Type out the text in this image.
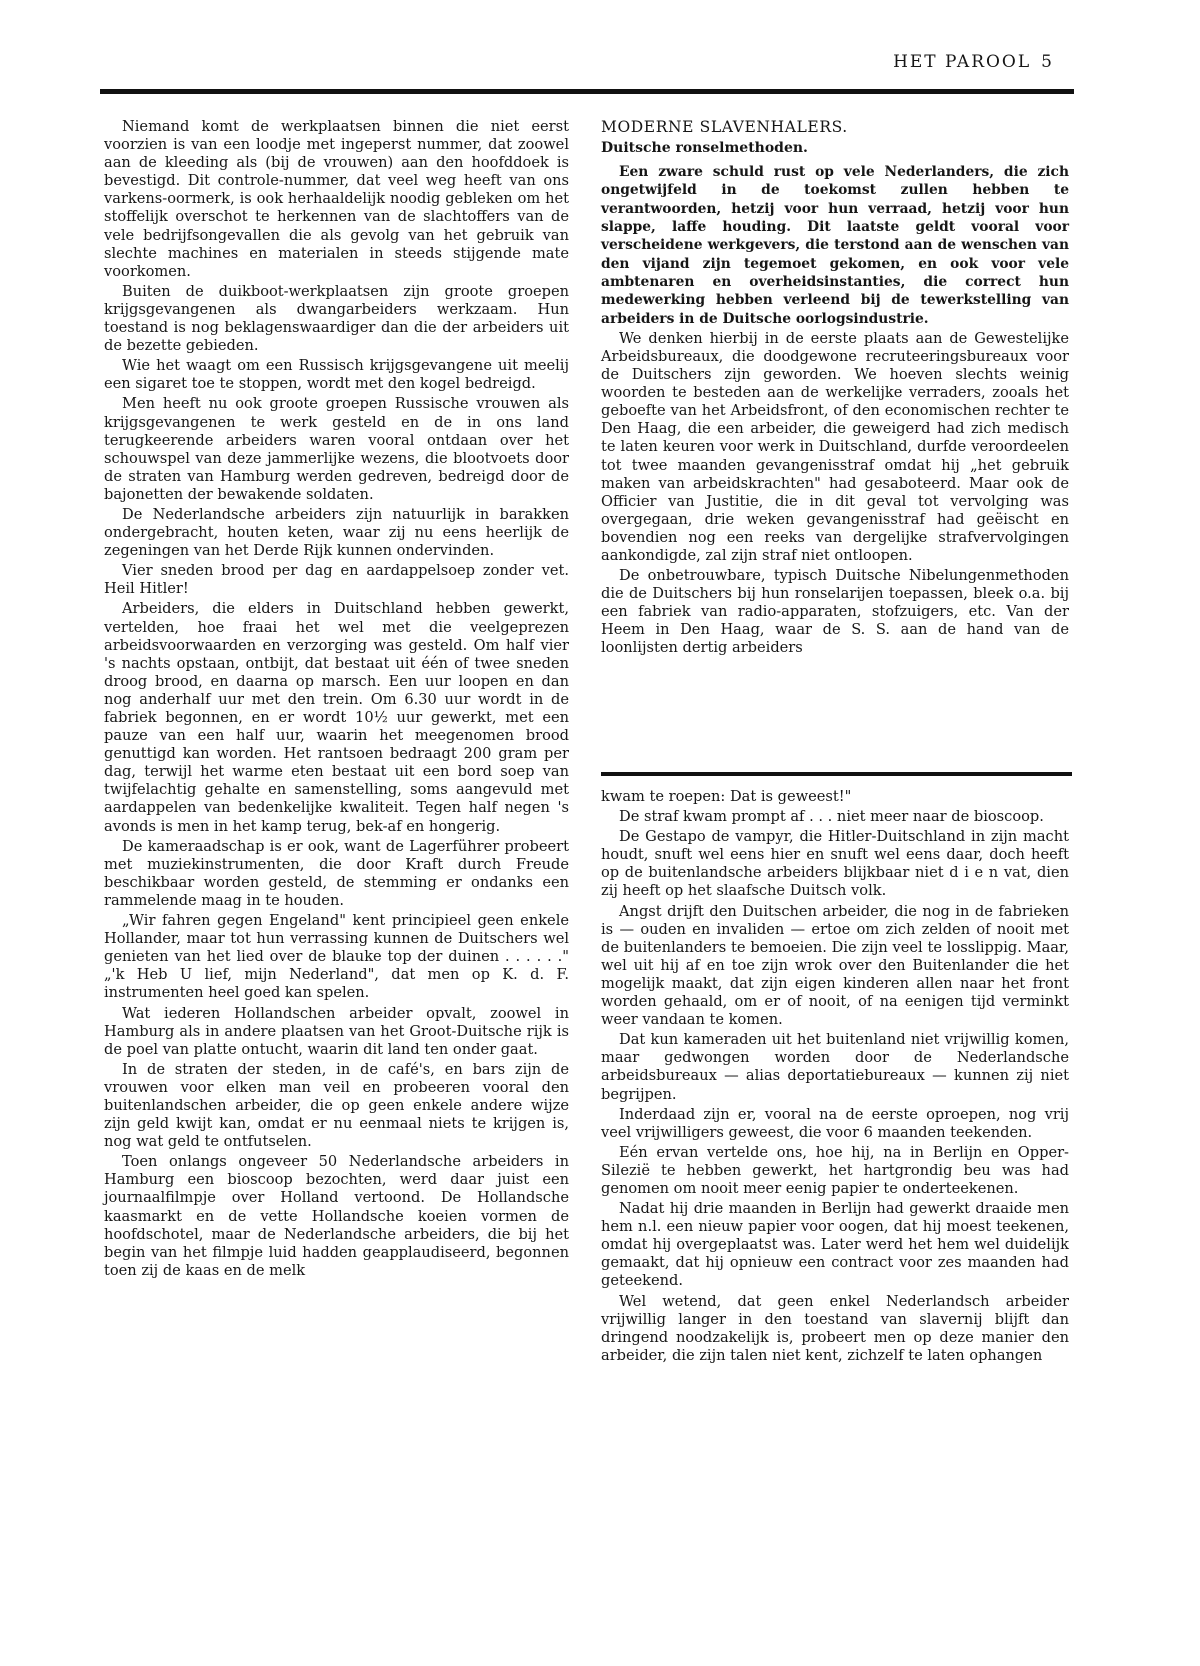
HET PAROOL 5

Niemand komt de werkplaatsen binnen die niet eerst voorzien is van een loodje met ingeperst nummer, dat zoowel aan de kleeding als (bij de vrouwen) aan den hoofddoek is bevestigd. Dit controle-nummer, dat veel weg heeft van ons varkens-oormerk, is ook herhaaldelijk noodig gebleken om het stoffelijk overschot te herkennen van de slachtoffers van de vele bedrijfsongevallen die als gevolg van het gebruik van slechte machines en materialen in steeds stijgende mate voorkomen.

Buiten de duikboot-werkplaatsen zijn groote groepen krijgsgevangenen als dwangarbeiders werkzaam. Hun toestand is nog beklagenswaardiger dan die der arbeiders uit de bezette gebieden.

Wie het waagt om een Russisch krijgsgevangene uit meelij een sigaret toe te stoppen, wordt met den kogel bedreigd.

Men heeft nu ook groote groepen Russische vrouwen als krijgsgevangenen te werk gesteld en de in ons land terugkeerende arbeiders waren vooral ontdaan over het schouwspel van deze jammerlijke wezens, die blootvoets door de straten van Hamburg werden gedreven, bedreigd door de bajonetten der bewakende soldaten.

De Nederlandsche arbeiders zijn natuurlijk in barakken ondergebracht, houten keten, waar zij nu eens heerlijk de zegeningen van het Derde Rijk kunnen ondervinden.

Vier sneden brood per dag en aardappelsoep zonder vet. Heil Hitler!

Arbeiders, die elders in Duitschland hebben gewerkt, vertelden, hoe fraai het wel met die veelgeprezen arbeidsvoorwaarden en verzorging was gesteld. Om half vier 's nachts opstaan, ontbijt, dat bestaat uit één of twee sneden droog brood, en daarna op marsch. Een uur loopen en dan nog anderhalf uur met den trein. Om 6.30 uur wordt in de fabriek begonnen, en er wordt 10½ uur gewerkt, met een pauze van een half uur, waarin het meegenomen brood genuttigd kan worden. Het rantsoen bedraagt 200 gram per dag, terwijl het warme eten bestaat uit een bord soep van twijfelachtig gehalte en samenstelling, soms aangevuld met aardappelen van bedenkelijke kwaliteit. Tegen half negen 's avonds is men in het kamp terug, bek-af en hongerig.

De kameraadschap is er ook, want de Lagerführer probeert met muziekinstrumenten, die door Kraft durch Freude beschikbaar worden gesteld, de stemming er ondanks een rammelende maag in te houden.

„Wir fahren gegen Engeland" kent principieel geen enkele Hollander, maar tot hun verrassing kunnen de Duitschers wel genieten van het lied over de blauke top der duinen . . . . . ." „'k Heb U lief, mijn Nederland", dat men op K. d. F. instrumenten heel goed kan spelen.

Wat iederen Hollandschen arbeider opvalt, zoowel in Hamburg als in andere plaatsen van het Groot-Duitsche rijk is de poel van platte ontucht, waarin dit land ten onder gaat.

In de straten der steden, in de café's, en bars zijn de vrouwen voor elken man veil en probeeren vooral den buitenlandschen arbeider, die op geen enkele andere wijze zijn geld kwijt kan, omdat er nu eenmaal niets te krijgen is, nog wat geld te ontfutselen.

Toen onlangs ongeveer 50 Nederlandsche arbeiders in Hamburg een bioscoop bezochten, werd daar juist een journaalfilmpje over Holland vertoond. De Hollandsche kaasmarkt en de vette Hollandsche koeien vormen de hoofdschotel, maar de Nederlandsche arbeiders, die bij het begin van het filmpje luid hadden geapplaudiseerd, begonnen toen zij de kaas en de melk

MODERNE SLAVENHALERS.
Duitsche ronselmethoden.

Een zware schuld rust op vele Nederlanders, die zich ongetwijfeld in de toekomst zullen hebben te verantwoorden, hetzij voor hun verraad, hetzij voor hun slappe, laffe houding. Dit laatste geldt vooral voor verscheidene werkgevers, die terstond aan de wenschen van den vijand zijn tegemoet gekomen, en ook voor vele ambtenaren en overheidsinstanties, die correct hun medewerking hebben verleend bij de tewerkstelling van arbeiders in de Duitsche oorlogsindustrie.

We denken hierbij in de eerste plaats aan de Gewestelijke Arbeidsbureaux, die doodgewone recruteeringsbureaux voor de Duitschers zijn geworden. We hoeven slechts weinig woorden te besteden aan de werkelijke verraders, zooals het geboefte van het Arbeidsfront, of den economischen rechter te Den Haag, die een arbeider, die geweigerd had zich medisch te laten keuren voor werk in Duitschland, durfde veroordeelen tot twee maanden gevangenisstraf omdat hij „het gebruik maken van arbeidskrachten" had gesaboteerd. Maar ook de Officier van Justitie, die in dit geval tot vervolging was overgegaan, drie weken gevangenisstraf had geëischt en bovendien nog een reeks van dergelijke strafvervolgingen aankondigde, zal zijn straf niet ontloopen.

De onbetrouwbare, typisch Duitsche Nibelungenmethoden die de Duitschers bij hun ronselarijen toepassen, bleek o.a. bij een fabriek van radio-apparaten, stofzuigers, etc. Van der Heem in Den Haag, waar de S. S. aan de hand van de loonlijsten dertig arbeiders

kwam te roepen: Dat is geweest!"

De straf kwam prompt af . . . niet meer naar de bioscoop.

De Gestapo de vampyr, die Hitler-Duitschland in zijn macht houdt, snuft wel eens hier en snuft wel eens daar, doch heeft op de buitenlandsche arbeiders blijkbaar niet d i e n vat, dien zij heeft op het slaafsche Duitsch volk.

Angst drijft den Duitschen arbeider, die nog in de fabrieken is — ouden en invaliden — ertoe om zich zelden of nooit met de buitenlanders te bemoeien. Die zijn veel te losslippig. Maar, wel uit hij af en toe zijn wrok over den Buitenlander die het mogelijk maakt, dat zijn eigen kinderen allen naar het front worden gehaald, om er of nooit, of na eenigen tijd verminkt weer vandaan te komen.

Dat kun kameraden uit het buitenland niet vrijwillig komen, maar gedwongen worden door de Nederlandsche arbeidsbureaux — alias deportatiebureaux — kunnen zij niet begrijpen.

Inderdaad zijn er, vooral na de eerste oproepen, nog vrij veel vrijwilligers geweest, die voor 6 maanden teekenden.

Eén ervan vertelde ons, hoe hij, na in Berlijn en Opper-Silezië te hebben gewerkt, het hartgrondig beu was had genomen om nooit meer eenig papier te onderteekenen.

Nadat hij drie maanden in Berlijn had gewerkt draaide men hem n.l. een nieuw papier voor oogen, dat hij moest teekenen, omdat hij overgeplaatst was. Later werd het hem wel duidelijk gemaakt, dat hij opnieuw een contract voor zes maanden had geteekend.

Wel wetend, dat geen enkel Nederlandsch arbeider vrijwillig langer in den toestand van slavernij blijft dan dringend noodzakelijk is, probeert men op deze manier den arbeider, die zijn talen niet kent, zichzelf te laten ophangen
